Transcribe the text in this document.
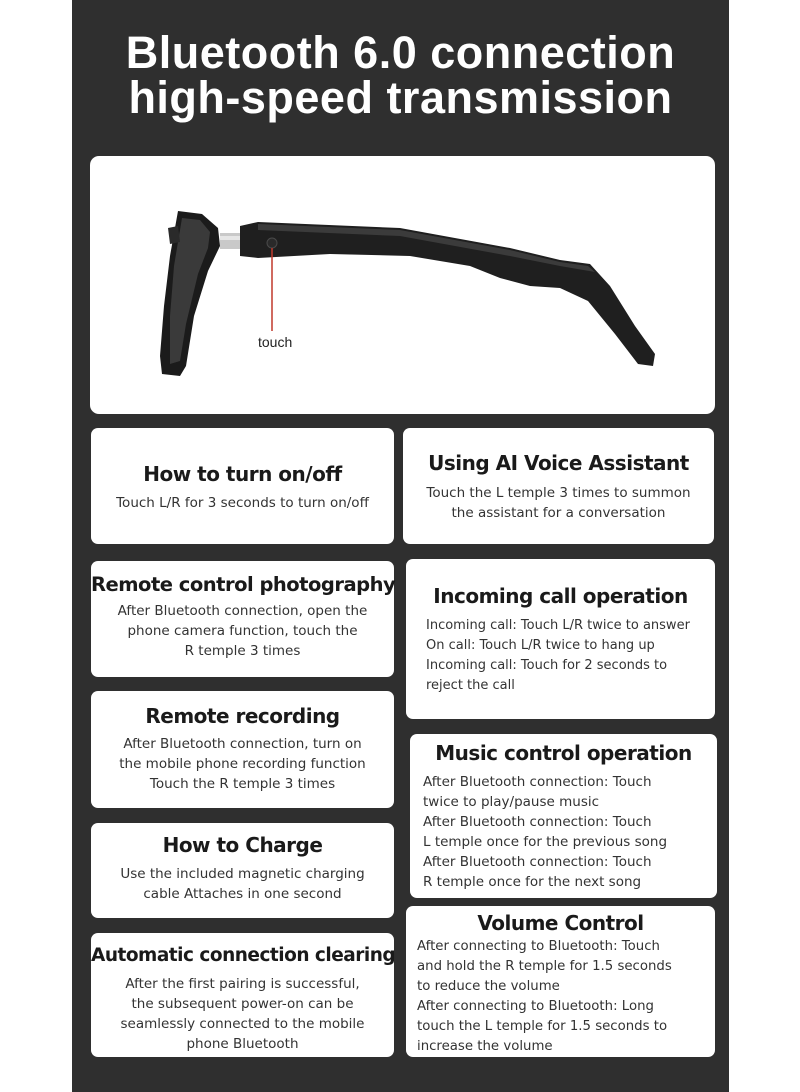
Bluetooth 6.0 connection
high-speed transmission
touch
How to turn on/off
Touch L/R for 3 seconds to turn on/off
Remote control photography
After Bluetooth connection, open the
phone camera function, touch the
R temple 3 times
Remote recording
After Bluetooth connection, turn on
the mobile phone recording function
Touch the R temple 3 times
How to Charge
Use the included magnetic charging
cable Attaches in one second
Automatic connection clearing
After the first pairing is successful,
the subsequent power-on can be
seamlessly connected to the mobile
phone Bluetooth
Using AI Voice Assistant
Touch the L temple 3 times to summon
the assistant for a conversation
Incoming call operation
Incoming call: Touch L/R twice to answer
On call: Touch L/R twice to hang up
Incoming call: Touch for 2 seconds to
reject the call
Music control operation
After Bluetooth connection: Touch
twice to play/pause music
After Bluetooth connection: Touch
L temple once for the previous song
After Bluetooth connection: Touch
R temple once for the next song
Volume Control
After connecting to Bluetooth: Touch
and hold the R temple for 1.5 seconds
to reduce the volume
After connecting to Bluetooth: Long
touch the L temple for 1.5 seconds to
increase the volume
